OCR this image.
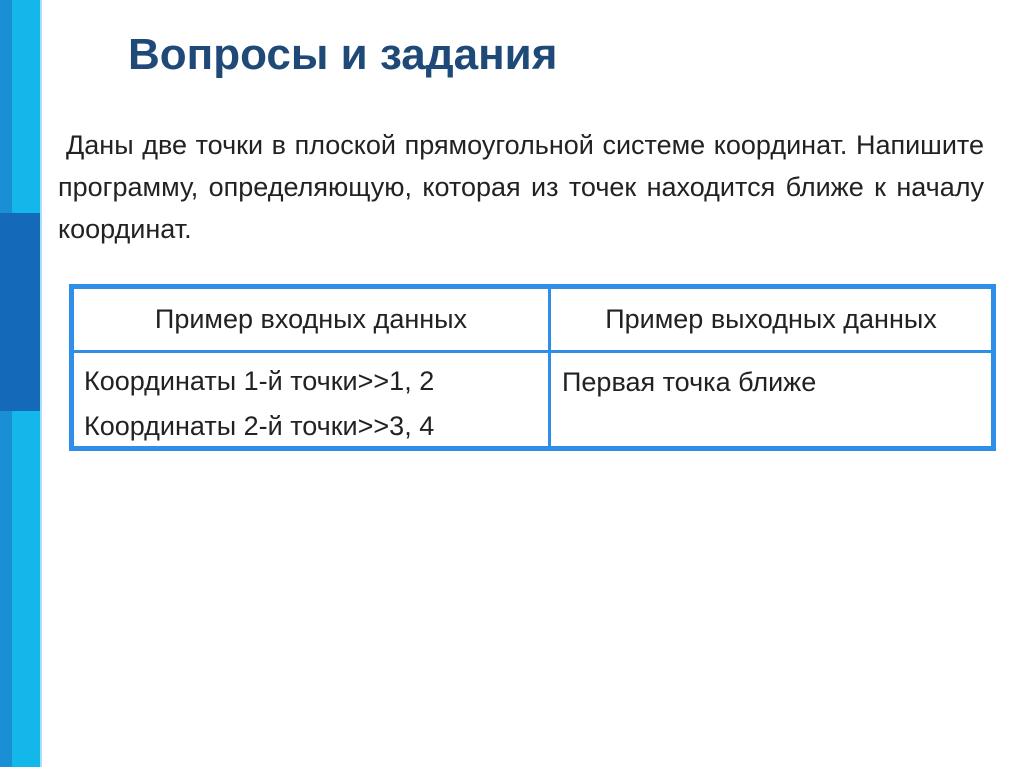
Вопросы и задания

Даны две точки в плоской прямоугольной системе координат. Напишите программу, определяющую, которая из точек находится ближе к началу координат.

Пример входных данных	Пример выходных данных
Координаты 1-й точки>>1, 2
Координаты 2-й точки>>3, 4
Первая точка ближе
